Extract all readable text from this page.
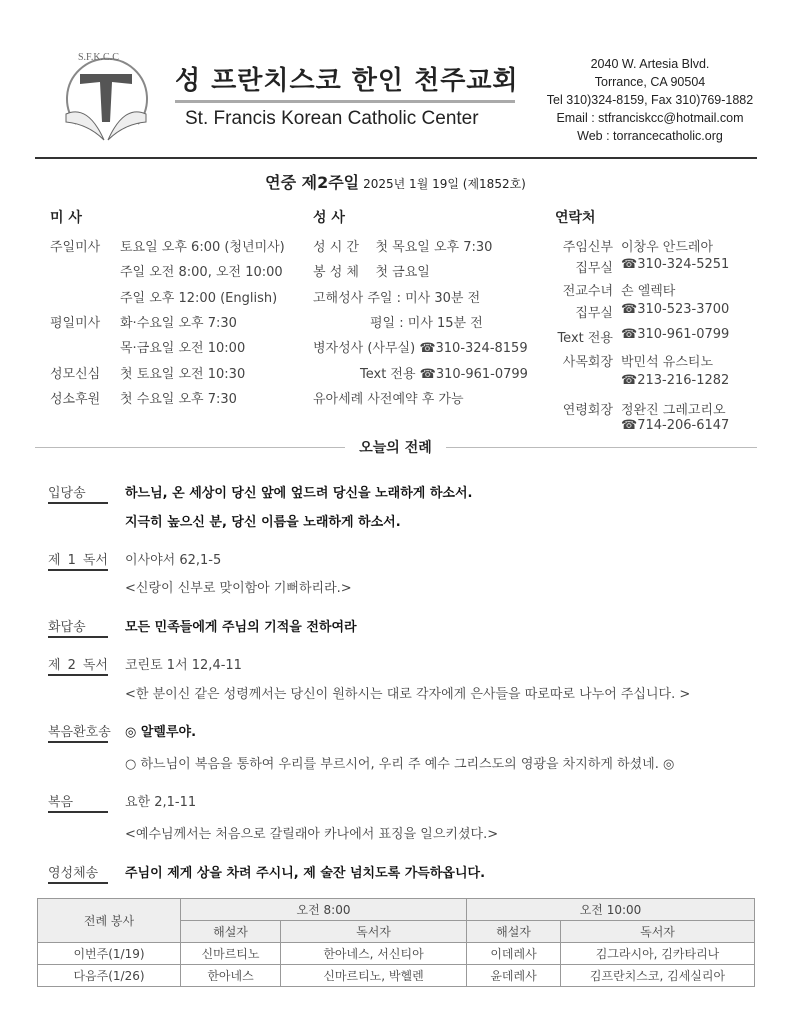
S.F.K.C.C
성 프란치스코 한인 천주교회
St. Francis Korean Catholic Center
2040 W. Artesia Blvd.
Torrance, CA 90504
Tel 310)324-8159, Fax 310)769-1882
Email : stfranciskcc@hotmail.com
Web : torrancecatholic.org
연중 제2주일 2025년 1월 19일 (제1852호)
미 사	성 사	연락처
주일미사 토요일 오후 6:00 (청년미사)
주일 오전 8:00, 오전 10:00
주일 오후 12:00 (English)
평일미사 화·수요일 오후 7:30
목·금요일 오전 10:00
성모신심 첫 토요일 오전 10:30
성소후원 첫 수요일 오후 7:30
성 시 간    첫 목요일 오후 7:30
봉 성 체    첫 금요일
고해성사 주일 : 미사 30분 전
평일 : 미사 15분 전
병자성사 (사무실) ☎310-324-8159
Text 전용 ☎310-961-0799
유아세례 사전예약 후 가능
주임신부 이창우 안드레아
집무실 ☎310-324-5251
전교수녀 손 엘렉타
집무실 ☎310-523-3700
Text 전용 ☎310-961-0799
사목회장 박민석 유스티노
☎213-216-1282
연령회장 정완진 그레고리오
☎714-206-6147
오늘의 전례
입당송	하느님, 온 세상이 당신 앞에 엎드려 당신을 노래하게 하소서.
지극히 높으신 분, 당신 이름을 노래하게 하소서.
제 1 독서 이사야서 62,1-5
<신랑이 신부로 맞이함아 기뻐하리라.>
화답송	모든 민족들에게 주님의 기적을 전하여라
제 2 독서 코린토 1서 12,4-11
<한 분이신 같은 성령께서는 당신이 원하시는 대로 각자에게 은사들을 따로따로 나누어 주십니다. >
복음환호송 ◎ 알렐루야.
○ 하느님이 복음을 통하여 우리를 부르시어, 우리 주 예수 그리스도의 영광을 차지하게 하셨네. ◎
복음	요한 2,1-11
<예수님께서는 처음으로 갈릴래아 카나에서 표징을 일으키셨다.>
영성체송	주님이 제게 상을 차려 주시니, 제 술잔 넘치도록 가득하옵니다.
전례 봉사	오전 8:00		오전 10:00	
	해설자	독서자	해설자	독서자
이번주(1/19)	신마르티노	한아네스, 서신티아	이데레사	김그라시아, 김카타리나
다음주(1/26)	한아네스	신마르티노, 박헬렌	윤데레사	김프란치스코, 김세실리아
